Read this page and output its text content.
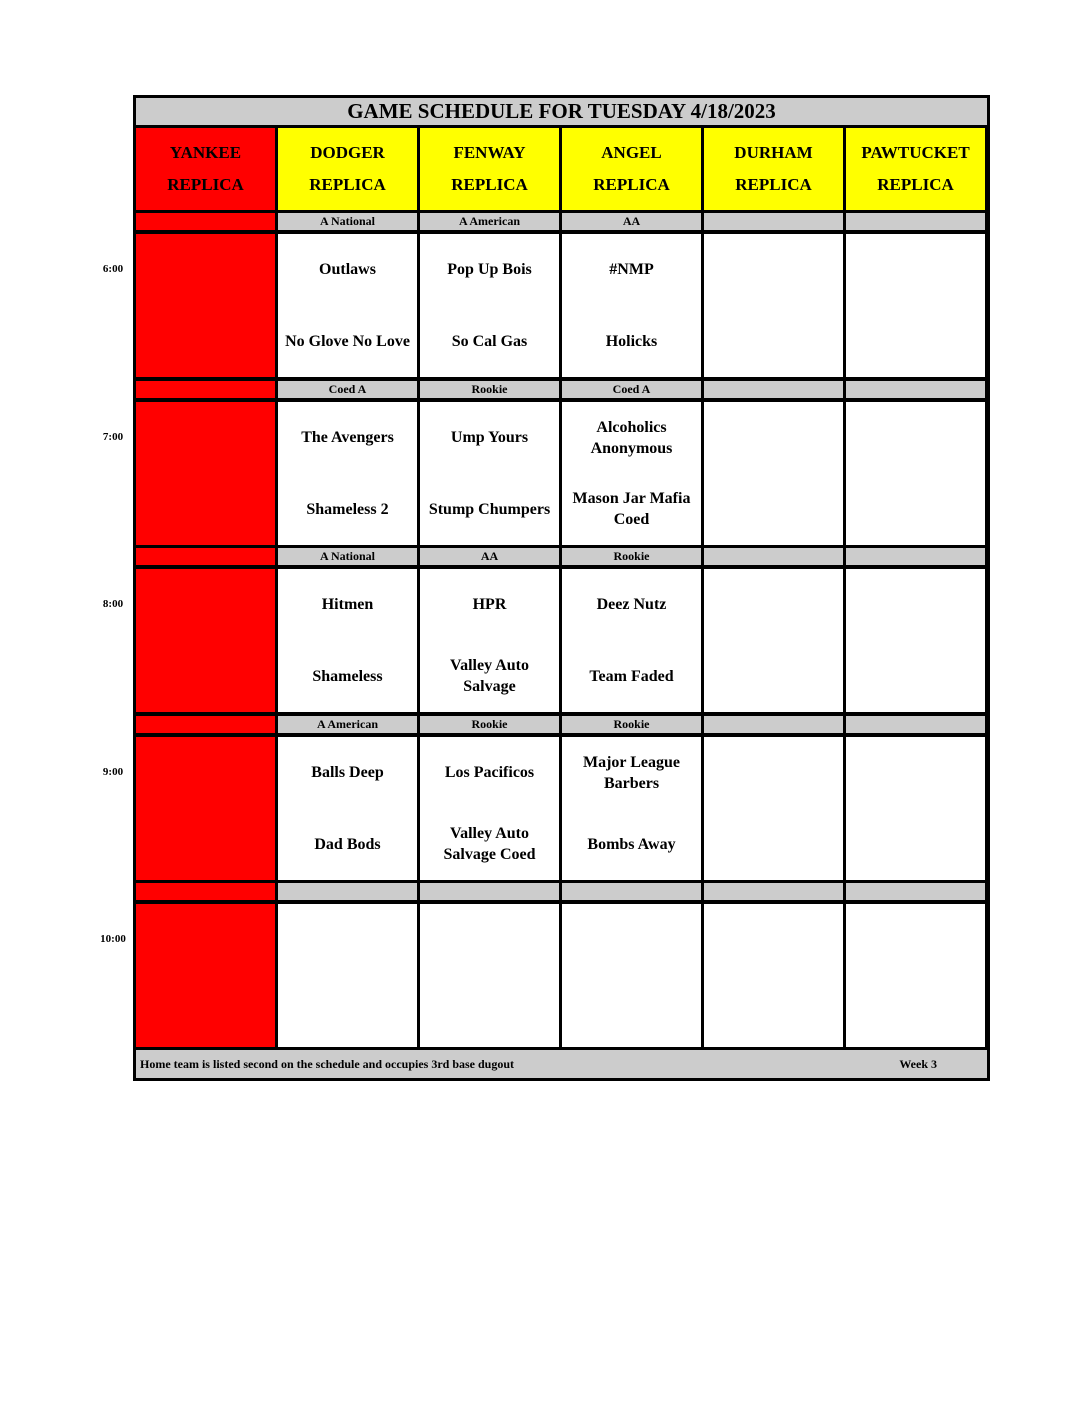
GAME SCHEDULE FOR TUESDAY 4/18/2023
YANKEE
REPLICA
DODGER
REPLICA
FENWAY
REPLICA
ANGEL
REPLICA
DURHAM
REPLICA
PAWTUCKET
REPLICA
A National
Outlaws
No Glove No Love
A American
Pop Up Bois
So Cal Gas
AA
#NMP
Holicks
Coed A
The Avengers
Shameless 2
Rookie
Ump Yours
Stump Chumpers
Coed A
Alcoholics Anonymous
Mason Jar Mafia Coed
A National
Hitmen
Shameless
AA
HPR
Valley Auto Salvage
Rookie
Deez Nutz
Team Faded
A American
Balls Deep
Dad Bods
Rookie
Los Pacificos
Valley Auto Salvage Coed
Rookie
Major League Barbers
Bombs Away
Home team is listed second on the schedule and occupies 3rd base dugout	Week 3
6:00
7:00
8:00
9:00
10:00
